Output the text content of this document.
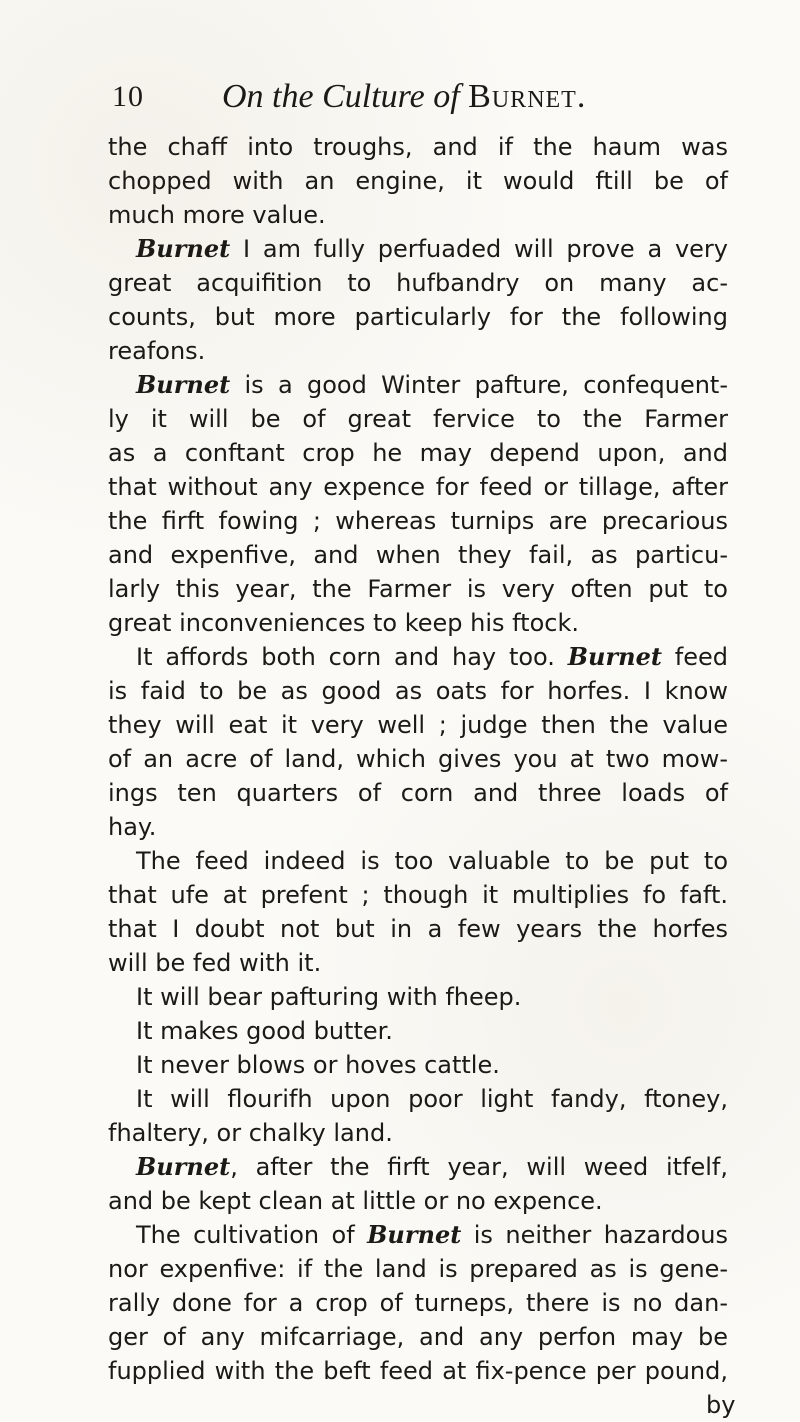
10 On the Culture of Burnet.
the chaff into troughs, and if the haum was
chopped with an engine, it would ftill be of
much more value.
Burnet I am fully perfuaded will prove a very
great acquifition to hufbandry on many ac-
counts, but more particularly for the following
reafons.
Burnet is a good Winter pafture, confequent-
ly it will be of great fervice to the Farmer
as a conftant crop he may depend upon, and
that without any expence for feed or tillage, after
the firft fowing ; whereas turnips are precarious
and expenfive, and when they fail, as particu-
larly this year, the Farmer is very often put to
great inconveniences to keep his ftock.
It affords both corn and hay too. Burnet feed
is faid to be as good as oats for horfes. I know
they will eat it very well ; judge then the value
of an acre of land, which gives you at two mow-
ings ten quarters of corn and three loads of
hay.
The feed indeed is too valuable to be put to
that ufe at prefent ; though it multiplies fo faft.
that I doubt not but in a few years the horfes
will be fed with it.
It will bear pafturing with fheep.
It makes good butter.
It never blows or hoves cattle.
It will flourifh upon poor light fandy, ftoney,
fhaltery, or chalky land.
Burnet, after the firft year, will weed itfelf,
and be kept clean at little or no expence.
The cultivation of Burnet is neither hazardous
nor expenfive: if the land is prepared as is gene-
rally done for a crop of turneps, there is no dan-
ger of any mifcarriage, and any perfon may be
fupplied with the beft feed at fix-pence per pound,
by
